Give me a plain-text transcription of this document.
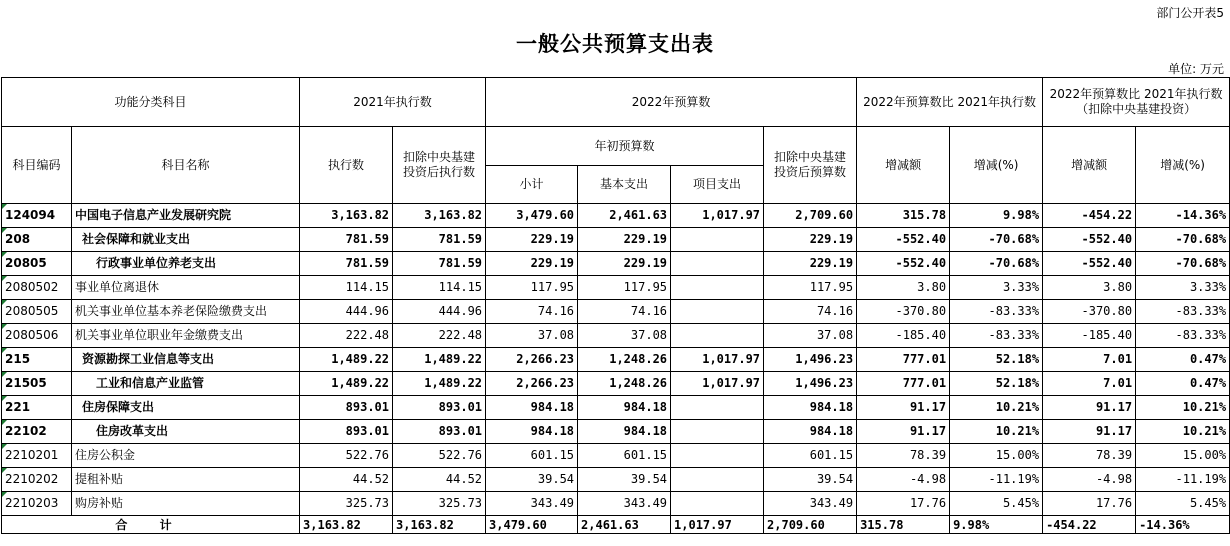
部门公开表5
一般公共预算支出表
单位: 万元
功能分类科目		2021年执行数		2022年预算数				2022年预算数比 2021年执行数		2022年预算数比 2021年执行数 （扣除中央基建投资）	
科目编码	科目名称	执行数	扣除中央基建 投资后执行数	年初预算数			扣除中央基建 投资后预算数	增减额	增减(%)	增减额	增减(%)
				小计	基本支出	项目支出					
124094	中国电子信息产业发展研究院	3,163.82	3,163.82	3,479.60	2,461.63	1,017.97	2,709.60	315.78	9.98%	-454.22	-14.36%
208	社会保障和就业支出	781.59	781.59	229.19	229.19		229.19	-552.40	-70.68%	-552.40	-70.68%
20805	行政事业单位养老支出	781.59	781.59	229.19	229.19		229.19	-552.40	-70.68%	-552.40	-70.68%
2080502	事业单位离退休	114.15	114.15	117.95	117.95		117.95	3.80	3.33%	3.80	3.33%
2080505	机关事业单位基本养老保险缴费支出	444.96	444.96	74.16	74.16		74.16	-370.80	-83.33%	-370.80	-83.33%
2080506	机关事业单位职业年金缴费支出	222.48	222.48	37.08	37.08		37.08	-185.40	-83.33%	-185.40	-83.33%
215	资源勘探工业信息等支出	1,489.22	1,489.22	2,266.23	1,248.26	1,017.97	1,496.23	777.01	52.18%	7.01	0.47%
21505	工业和信息产业监管	1,489.22	1,489.22	2,266.23	1,248.26	1,017.97	1,496.23	777.01	52.18%	7.01	0.47%
221	住房保障支出	893.01	893.01	984.18	984.18		984.18	91.17	10.21%	91.17	10.21%
22102	住房改革支出	893.01	893.01	984.18	984.18		984.18	91.17	10.21%	91.17	10.21%
2210201	住房公积金	522.76	522.76	601.15	601.15		601.15	78.39	15.00%	78.39	15.00%
2210202	提租补贴	44.52	44.52	39.54	39.54		39.54	-4.98	-11.19%	-4.98	-11.19%
2210203	购房补贴	325.73	325.73	343.49	343.49		343.49	17.76	5.45%	17.76	5.45%
合 计		3,163.82	3,163.82	3,479.60	2,461.63	1,017.97	2,709.60	315.78	9.98%	-454.22	-14.36%
